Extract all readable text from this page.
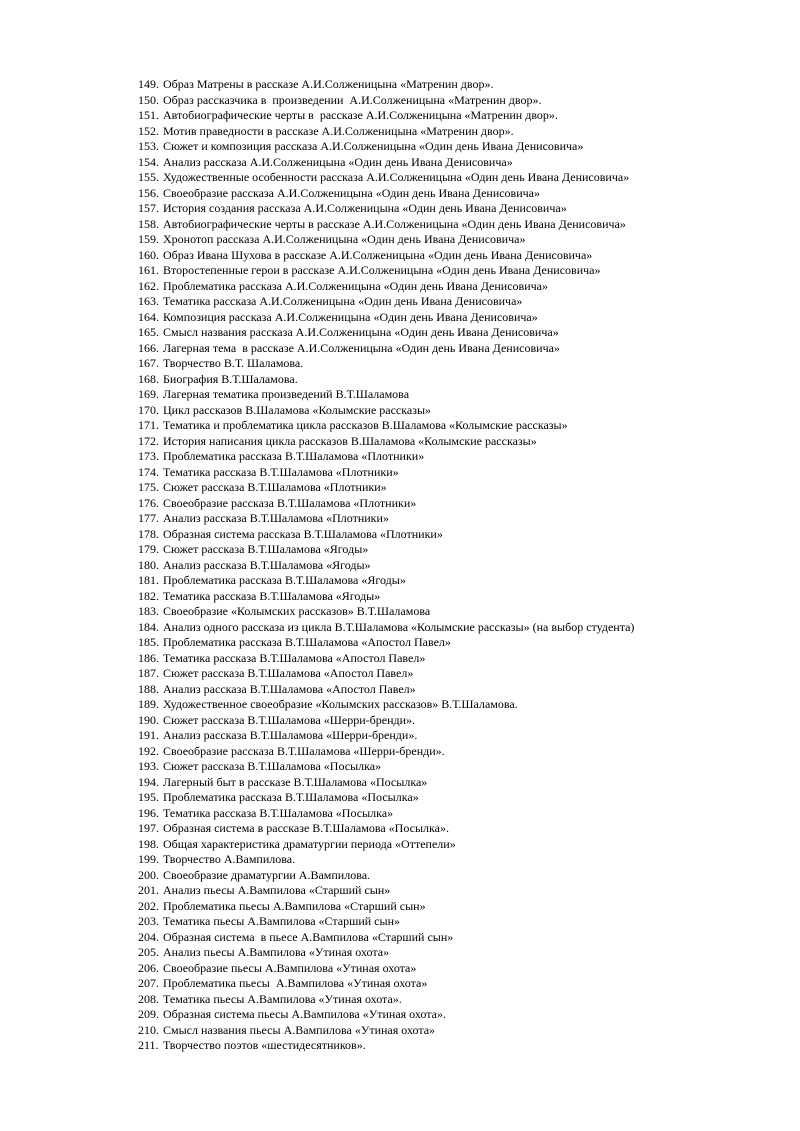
149. Образ Матрены в рассказе А.И.Солженицына «Матренин двор».
150. Образ рассказчика в  произведении  А.И.Солженицына «Матренин двор».
151. Автобиографические черты в  рассказе А.И.Солженицына «Матренин двор».
152. Мотив праведности в рассказе А.И.Солженицына «Матренин двор».
153. Сюжет и композиция рассказа А.И.Солженицына «Один день Ивана Денисовича»
154. Анализ рассказа А.И.Солженицына «Один день Ивана Денисовича»
155. Художественные особенности рассказа А.И.Солженицына «Один день Ивана Денисовича»
156. Своеобразие рассказа А.И.Солженицына «Один день Ивана Денисовича»
157. История создания рассказа А.И.Солженицына «Один день Ивана Денисовича»
158. Автобиографические черты в рассказе А.И.Солженицына «Один день Ивана Денисовича»
159. Хронотоп рассказа А.И.Солженицына «Один день Ивана Денисовича»
160. Образ Ивана Шухова в рассказе А.И.Солженицына «Один день Ивана Денисовича»
161. Второстепенные герои в рассказе А.И.Солженицына «Один день Ивана Денисовича»
162. Проблематика рассказа А.И.Солженицына «Один день Ивана Денисовича»
163. Тематика рассказа А.И.Солженицына «Один день Ивана Денисовича»
164. Композиция рассказа А.И.Солженицына «Один день Ивана Денисовича»
165. Смысл названия рассказа А.И.Солженицына «Один день Ивана Денисовича»
166. Лагерная тема  в рассказе А.И.Солженицына «Один день Ивана Денисовича»
167. Творчество В.Т. Шаламова.
168. Биография В.Т.Шаламова.
169. Лагерная тематика произведений В.Т.Шаламова
170. Цикл рассказов В.Шаламова «Колымские рассказы»
171. Тематика и проблематика цикла рассказов В.Шаламова «Колымские рассказы»
172. История написания цикла рассказов В.Шаламова «Колымские рассказы»
173. Проблематика рассказа В.Т.Шаламова «Плотники»
174. Тематика рассказа В.Т.Шаламова «Плотники»
175. Сюжет рассказа В.Т.Шаламова «Плотники»
176. Своеобразие рассказа В.Т.Шаламова «Плотники»
177. Анализ рассказа В.Т.Шаламова «Плотники»
178. Образная система рассказа В.Т.Шаламова «Плотники»
179. Сюжет рассказа В.Т.Шаламова «Ягоды»
180. Анализ рассказа В.Т.Шаламова «Ягоды»
181. Проблематика рассказа В.Т.Шаламова «Ягоды»
182. Тематика рассказа В.Т.Шаламова «Ягоды»
183. Своеобразие «Колымских рассказов» В.Т.Шаламова
184. Анализ одного рассказа из цикла В.Т.Шаламова «Колымские рассказы» (на выбор студента)
185. Проблематика рассказа В.Т.Шаламова «Апостол Павел»
186. Тематика рассказа В.Т.Шаламова «Апостол Павел»
187. Сюжет рассказа В.Т.Шаламова «Апостол Павел»
188. Анализ рассказа В.Т.Шаламова «Апостол Павел»
189. Художественное своеобразие «Колымских рассказов» В.Т.Шаламова.
190. Сюжет рассказа В.Т.Шаламова «Шерри-бренди».
191. Анализ рассказа В.Т.Шаламова «Шерри-бренди».
192. Своеобразие рассказа В.Т.Шаламова «Шерри-бренди».
193. Сюжет рассказа В.Т.Шаламова «Посылка»
194. Лагерный быт в рассказе В.Т.Шаламова «Посылка»
195. Проблематика рассказа В.Т.Шаламова «Посылка»
196. Тематика рассказа В.Т.Шаламова «Посылка»
197. Образная система в рассказе В.Т.Шаламова «Посылка».
198. Общая характеристика драматургии периода «Оттепели»
199. Творчество А.Вампилова.
200. Своеобразие драматургии А.Вампилова.
201. Анализ пьесы А.Вампилова «Старший сын»
202. Проблематика пьесы А.Вампилова «Старший сын»
203. Тематика пьесы А.Вампилова «Старший сын»
204. Образная система  в пьесе А.Вампилова «Старший сын»
205. Анализ пьесы А.Вампилова «Утиная охота»
206. Своеобразие пьесы А.Вампилова «Утиная охота»
207. Проблематика пьесы  А.Вампилова «Утиная охота»
208. Тематика пьесы А.Вампилова «Утиная охота».
209. Образная система пьесы А.Вампилова «Утиная охота».
210. Смысл названия пьесы А.Вампилова «Утиная охота»
211. Творчество поэтов «шестидесятников».
